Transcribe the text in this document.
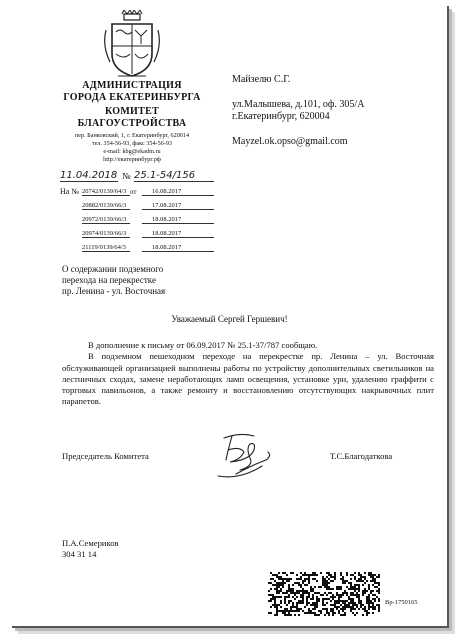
АДМИНИСТРАЦИЯ
ГОРОДА ЕКАТЕРИНБУРГА
КОМИТЕТ
БЛАГОУСТРОЙСТВА
пер. Банковский, 1, г. Екатеринбург, 620014
тел. 354-56-93, факс 354-56-93
e-mail: kbg@ekadm.ru
http://екатеринбург.рф
Майзелю С.Г.
ул.Малышева, д.101, оф. 305/А
г.Екатеринбург, 620004
Mayzel.ok.opso@gmail.com
11.04.2018 № 25.1-54/156
На №	от
20742/0139/64/3	16.08.2017
20882/0139/66/3	17.08.2017
20972/0139/66/3	18.08.2017
20974/0139/66/3	18.08.2017
21119/0139/64/3	18.08.2017
О содержании подземного
перехода на перекрестке
пр. Ленина - ул. Восточная
Уважаемый Сергей Гершевич!

В дополнение к письму от 06.09.2017 № 25.1-37/787 сообщаю.

В подземном пешеходном переходе на перекрестке пр. Ленина – ул. Восточная обслуживающей организацией выполнены работы по устройству дополнительных светильников на лестничных сходах, замене неработающих ламп освещения, установке урн, удалению граффити с торговых павильонов, а также ремонту и восстановлению отсутствующих накрывочных плит парапетов.

Председатель Комитета	Т.С.Благодаткова
П.А.Семериков
304 31 14
Вр-1750165
